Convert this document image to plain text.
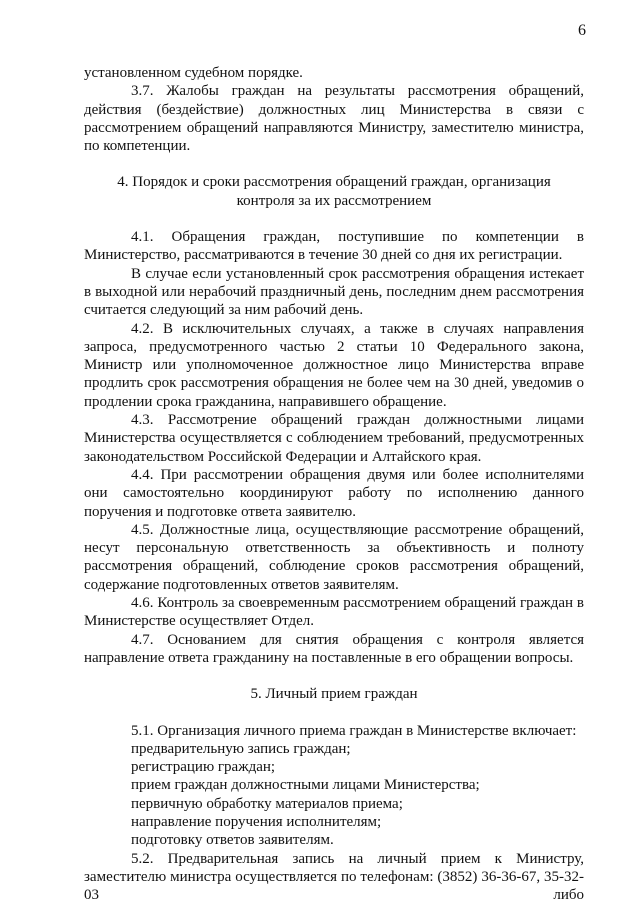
6

установленном судебном порядке.

3.7. Жалобы граждан на результаты рассмотрения обращений, действия (бездействие) должностных лиц Министерства в связи с рассмотрением обращений направляются Министру, заместителю министра, по компетенции.

4. Порядок и сроки рассмотрения обращений граждан, организация

контроля за их рассмотрением

4.1. Обращения граждан, поступившие по компетенции в Министерство, рассматриваются в течение 30 дней со дня их регистрации.

В случае если установленный срок рассмотрения обращения истекает в выходной или нерабочий праздничный день, последним днем рассмотрения считается следующий за ним рабочий день.

4.2. В исключительных случаях, а также в случаях направления запроса, предусмотренного частью 2 статьи 10 Федерального закона, Министр или уполномоченное должностное лицо Министерства вправе продлить срок рассмотрения обращения не более чем на 30 дней, уведомив о продлении срока гражданина, направившего обращение.

4.3. Рассмотрение обращений граждан должностными лицами Министерства осуществляется с соблюдением требований, предусмотренных законодательством Российской Федерации и Алтайского края.

4.4. При рассмотрении обращения двумя или более исполнителями они самостоятельно координируют работу по исполнению данного поручения и подготовке ответа заявителю.

4.5. Должностные лица, осуществляющие рассмотрение обращений, несут персональную ответственность за объективность и полноту рассмотрения обращений, соблюдение сроков рассмотрения обращений, содержание подготовленных ответов заявителям.

4.6. Контроль за своевременным рассмотрением обращений граждан в Министерстве осуществляет Отдел.

4.7. Основанием для снятия обращения с контроля является направление ответа гражданину на поставленные в его обращении вопросы.

5. Личный прием граждан

5.1. Организация личного приема граждан в Министерстве включает:

предварительную запись граждан;
регистрацию граждан;
прием граждан должностными лицами Министерства;
первичную обработку материалов приема;
направление поручения исполнителям;
подготовку ответов заявителям.

5.2. Предварительная запись на личный прием к Министру, заместителю министра осуществляется по телефонам: (3852) 36-36-67, 35-32-03 либо
